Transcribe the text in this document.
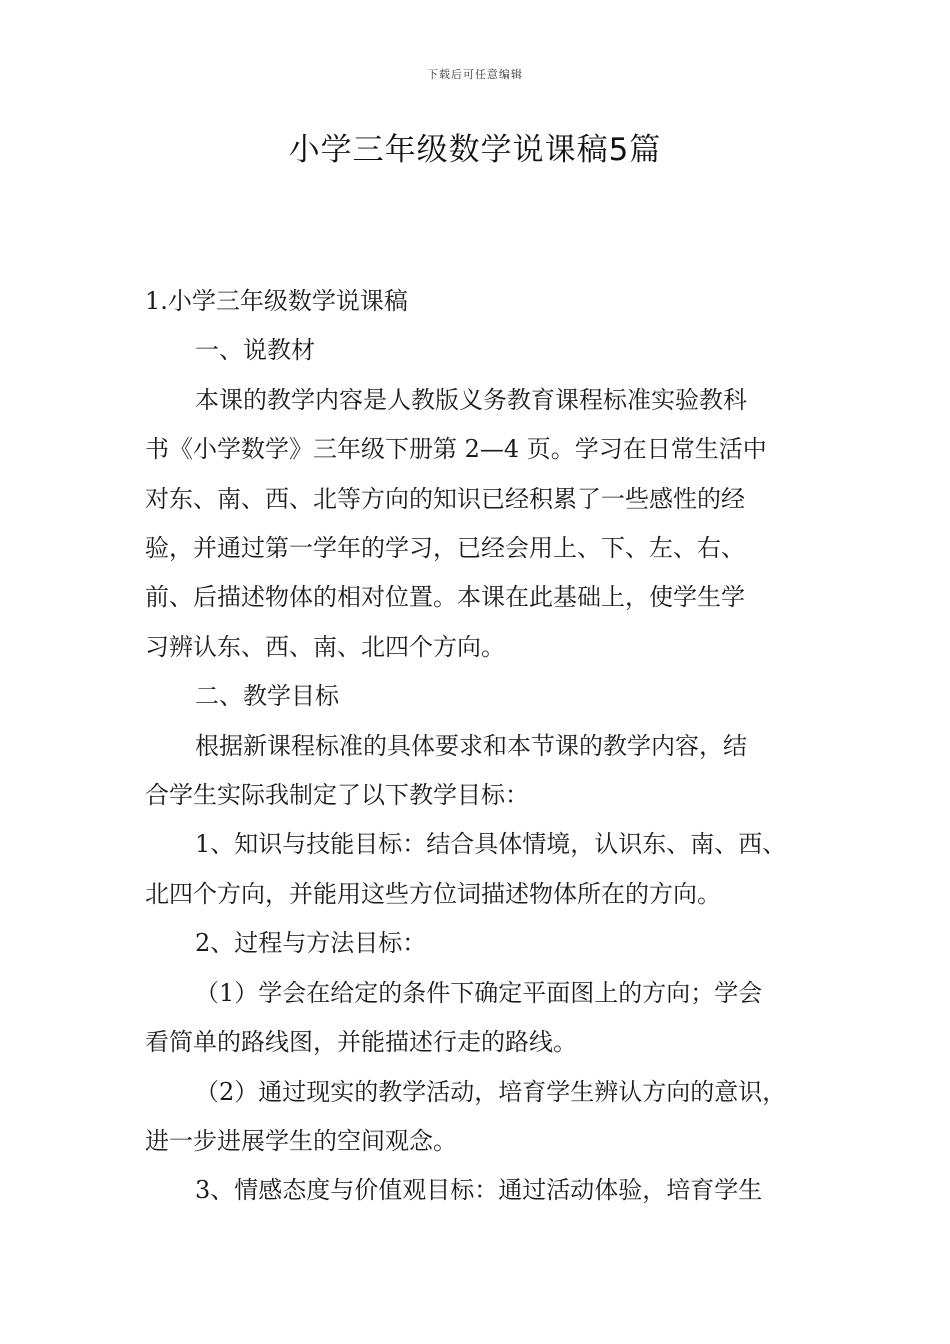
下载后可任意编辑
小学三年级数学说课稿5篇

1.小学三年级数学说课稿

一、说教材

本课的教学内容是人教版义务教育课程标准实验教科

书《小学数学》三年级下册第 2—4 页。学习在日常生活中

对东、南、西、北等方向的知识已经积累了一些感性的经

验，并通过第一学年的学习，已经会用上、下、左、右、

前、后描述物体的相对位置。本课在此基础上，使学生学

习辨认东、西、南、北四个方向。

二、教学目标

根据新课程标准的具体要求和本节课的教学内容，结

合学生实际我制定了以下教学目标：

1、知识与技能目标：结合具体情境，认识东、南、西、

北四个方向，并能用这些方位词描述物体所在的方向。

2、过程与方法目标：

（1）学会在给定的条件下确定平面图上的方向；学会

看简单的路线图，并能描述行走的路线。

（2）通过现实的教学活动，培育学生辨认方向的意识，

进一步进展学生的空间观念。

3、情感态度与价值观目标：通过活动体验，培育学生
